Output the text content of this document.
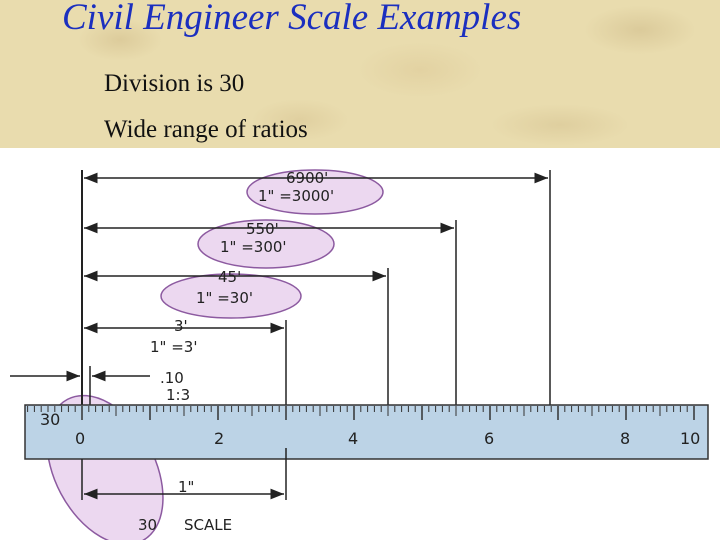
Civil Engineer Scale Examples
Division is 30
Wide range of ratios
6900'
1" =3000'
550'
1" =300'
45'
1" =30'
3'
1" =3'
.10
1:3
30
0	2	4	6	8	10
1"
30 SCALE
